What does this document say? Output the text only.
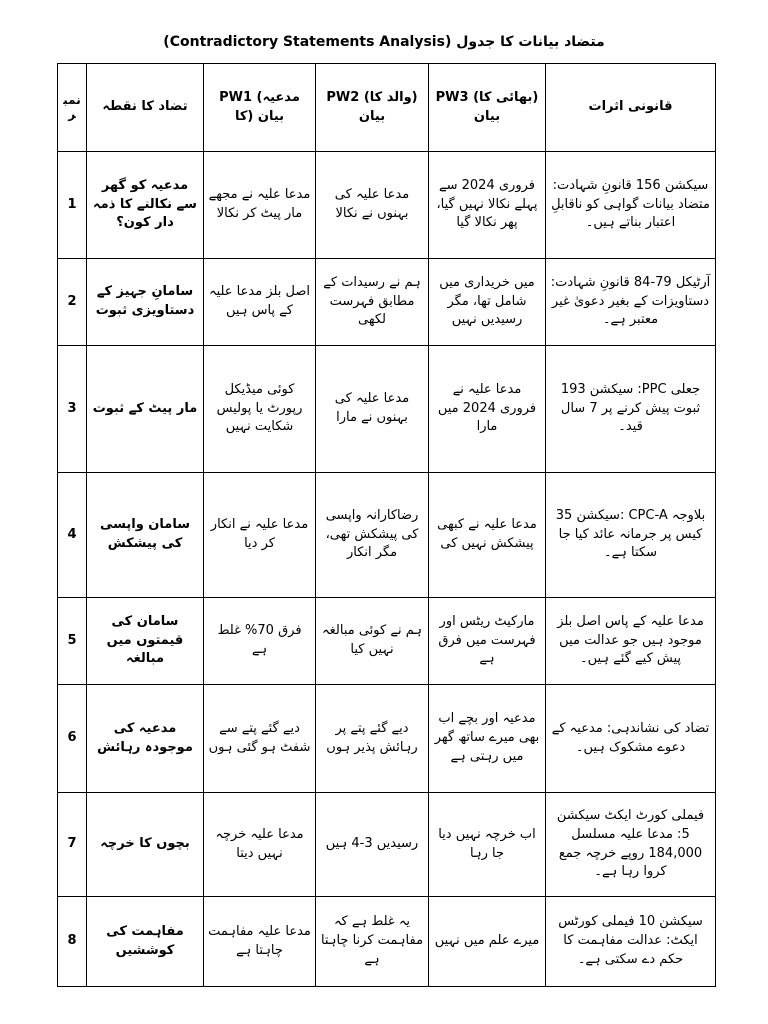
متضاد بیانات کا جدول (Contradictory Statements Analysis)
نمبر	تضاد کا نقطہ	PW1 (مدعیہ کا) بیان	PW2 (والد کا) بیان	PW3 (بھائی کا) بیان	قانونی اثرات
1	مدعیہ کو گھر سے نکالنے کا ذمہ دار کون؟	مدعا علیہ نے مجھے مار پیٹ کر نکالا	مدعا علیہ کی بہنوں نے نکالا	فروری 2024 سے پہلے نکالا نہیں گیا، پھر نکالا گیا	سیکشن 156 قانونِ شہادت: متضاد بیانات گواہی کو ناقابلِ اعتبار بناتے ہیں۔
2	سامانِ جہیز کے دستاویزی ثبوت	اصل بلز مدعا علیہ کے پاس ہیں	ہم نے رسیدات کے مطابق فہرست لکھی	میں خریداری میں شامل تھا، مگر رسیدیں نہیں	آرٹیکل 79-84 قانونِ شہادت: دستاویزات کے بغیر دعویٰ غیر معتبر ہے۔
3	مار پیٹ کے ثبوت	کوئی میڈیکل رپورٹ یا پولیس شکایت نہیں	مدعا علیہ کی بہنوں نے مارا	مدعا علیہ نے فروری 2024 میں مارا	جعلی PPC: سیکشن 193 ثبوت پیش کرنے پر 7 سال قید۔
4	سامان واپسی کی پیشکش	مدعا علیہ نے انکار کر دیا	رضاکارانہ واپسی کی پیشکش تھی، مگر انکار	مدعا علیہ نے کبھی پیشکش نہیں کی	بلاوجہ CPC-A :سیکشن 35 کیس پر جرمانہ عائد کیا جا سکتا ہے۔
5	سامان کی قیمتوں میں مبالغہ	فرق 70% غلط ہے	ہم نے کوئی مبالغہ نہیں کیا	مارکیٹ ریٹس اور فہرست میں فرق ہے	مدعا علیہ کے پاس اصل بلز موجود ہیں جو عدالت میں پیش کیے گئے ہیں۔
6	مدعیہ کی موجودہ رہائش	دیے گئے پتے سے شفٹ ہو گئی ہوں	دیے گئے پتے پر رہائش پذیر ہوں	مدعیہ اور بچے اب بھی میرے ساتھ گھر میں رہتی ہے	تضاد کی نشاندہی: مدعیہ کے دعوے مشکوک ہیں۔
7	بچوں کا خرچہ	مدعا علیہ خرچہ نہیں دیتا	رسیدیں 3-4 ہیں	اب خرچہ نہیں دیا جا رہا	فیملی کورٹ ایکٹ سیکشن 5: مدعا علیہ مسلسل 184,000 روپے خرچہ جمع کروا رہا ہے۔
8	مفاہمت کی کوششیں	مدعا علیہ مفاہمت چاہتا ہے	یہ غلط ہے کہ مفاہمت کرنا چاہتا ہے	میرے علم میں نہیں	سیکشن 10 فیملی کورٹس ایکٹ: عدالت مفاہمت کا حکم دے سکتی ہے۔
